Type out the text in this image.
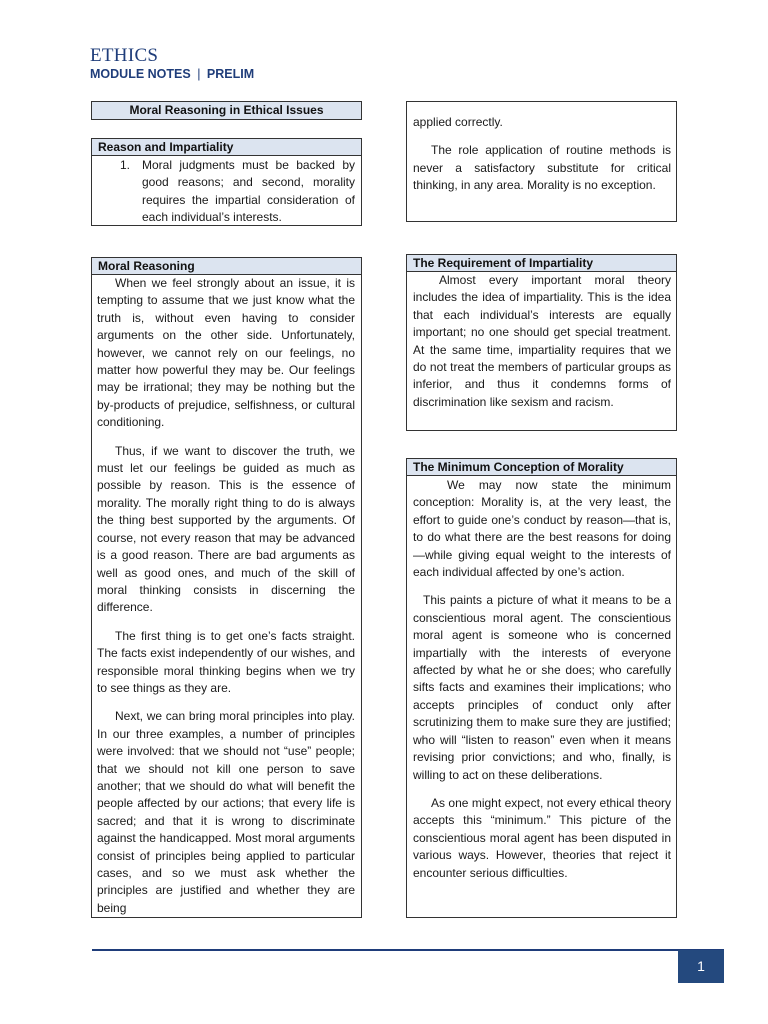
ETHICS
MODULE NOTES | PRELIM
Moral Reasoning in Ethical Issues
Reason and Impartiality
1. Moral judgments must be backed by good reasons; and second, morality requires the impartial consideration of each individual’s interests.
Moral Reasoning

When we feel strongly about an issue, it is tempting to assume that we just know what the truth is, without even having to consider arguments on the other side. Unfortunately, however, we cannot rely on our feelings, no matter how powerful they may be. Our feelings may be irrational; they may be nothing but the by-products of prejudice, selfishness, or cultural conditioning.

Thus, if we want to discover the truth, we must let our feelings be guided as much as possible by reason. This is the essence of morality. The morally right thing to do is always the thing best supported by the arguments. Of course, not every reason that may be advanced is a good reason. There are bad arguments as well as good ones, and much of the skill of moral thinking consists in discerning the difference.

The first thing is to get one’s facts straight. The facts exist independently of our wishes, and responsible moral thinking begins when we try to see things as they are.

Next, we can bring moral principles into play. In our three examples, a number of principles were involved: that we should not “use” people; that we should not kill one person to save another; that we should do what will benefit the people affected by our actions; that every life is sacred; and that it is wrong to discriminate against the handicapped. Most moral arguments consist of principles being applied to particular cases, and so we must ask whether the principles are justified and whether they are being

applied correctly.

The role application of routine methods is never a satisfactory substitute for critical thinking, in any area. Morality is no exception.

The Requirement of Impartiality

Almost every important moral theory includes the idea of impartiality. This is the idea that each individual’s interests are equally important; no one should get special treatment. At the same time, impartiality requires that we do not treat the members of particular groups as inferior, and thus it condemns forms of discrimination like sexism and racism.

The Minimum Conception of Morality

We may now state the minimum conception: Morality is, at the very least, the effort to guide one’s conduct by reason—that is, to do what there are the best reasons for doing—while giving equal weight to the interests of each individual affected by one’s action.

This paints a picture of what it means to be a conscientious moral agent. The conscientious moral agent is someone who is concerned impartially with the interests of everyone affected by what he or she does; who carefully sifts facts and examines their implications; who accepts principles of conduct only after scrutinizing them to make sure they are justified; who will “listen to reason” even when it means revising prior convictions; and who, finally, is willing to act on these deliberations.

As one might expect, not every ethical theory accepts this “minimum.” This picture of the conscientious moral agent has been disputed in various ways. However, theories that reject it encounter serious difficulties.

1
